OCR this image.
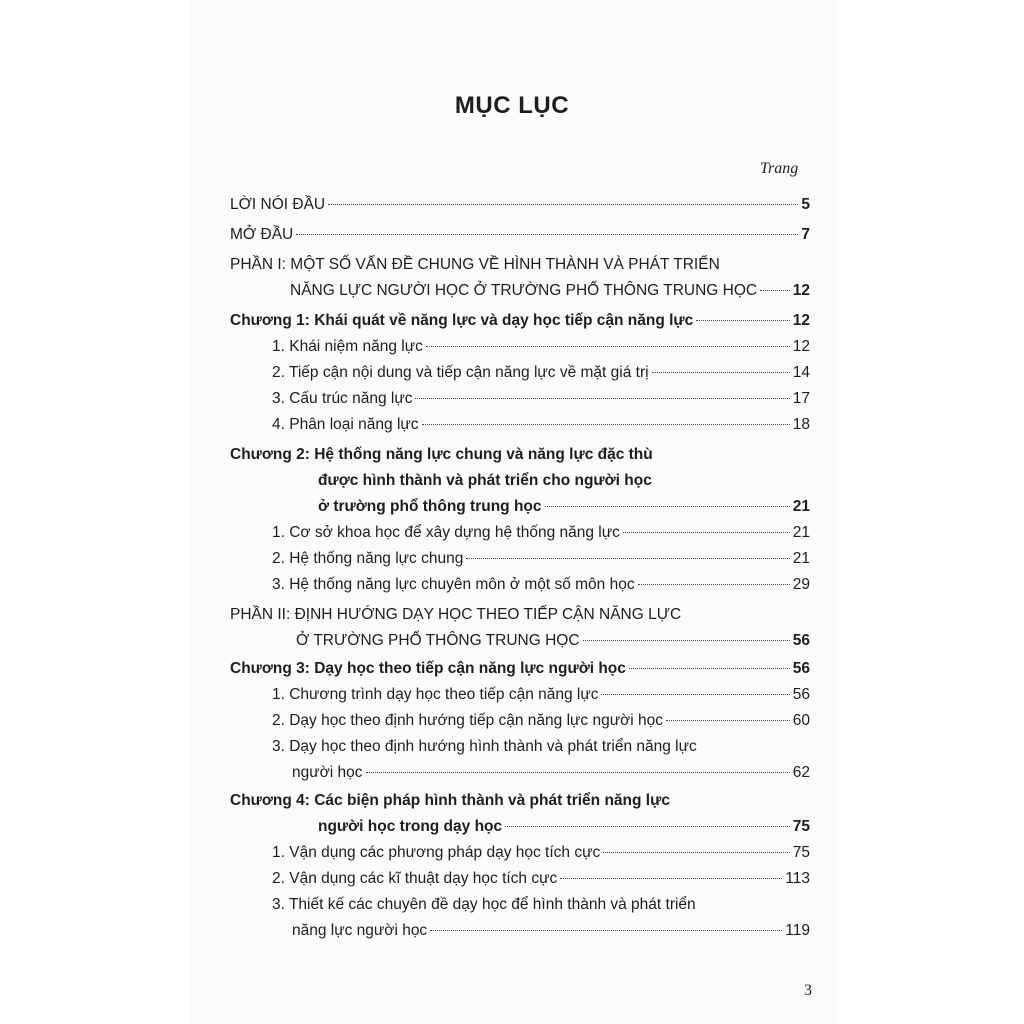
MỤC LỤC
Trang
LỜI NÓI ĐẦU	5
MỞ ĐẦU	7
PHẦN I: MỘT SỐ VẤN ĐỀ CHUNG VỀ HÌNH THÀNH VÀ PHÁT TRIỂN
NĂNG LỰC NGƯỜI HỌC Ở TRƯỜNG PHỔ THÔNG TRUNG HỌC 12
Chương 1: Khái quát về năng lực và dạy học tiếp cận năng lực	12
1. Khái niệm năng lực	12
2. Tiếp cận nội dung và tiếp cận năng lực về mặt giá trị	14
3. Cấu trúc năng lực	17
4. Phân loại năng lực	18
Chương 2: Hệ thống năng lực chung và năng lực đặc thù
được hình thành và phát triển cho người học
ở trường phổ thông trung học	21
1. Cơ sở khoa học để xây dựng hệ thống năng lực	21
2. Hệ thống năng lực chung	21
3. Hệ thống năng lực chuyên môn ở một số môn học	29
PHẦN II: ĐỊNH HƯỚNG DẠY HỌC THEO TIẾP CẬN NĂNG LỰC
Ở TRƯỜNG PHỔ THÔNG TRUNG HỌC	56
Chương 3: Dạy học theo tiếp cận năng lực người học	56
1. Chương trình dạy học theo tiếp cận năng lực	56
2. Dạy học theo định hướng tiếp cận năng lực người học	60
3. Dạy học theo định hướng hình thành và phát triển năng lực
người học	62
Chương 4: Các biện pháp hình thành và phát triển năng lực
người học trong dạy học	75
1. Vận dụng các phương pháp dạy học tích cực	75
2. Vận dụng các kĩ thuật dạy học tích cực	113
3. Thiết kế các chuyên đề dạy học để hình thành và phát triển
năng lực người học	119
3
